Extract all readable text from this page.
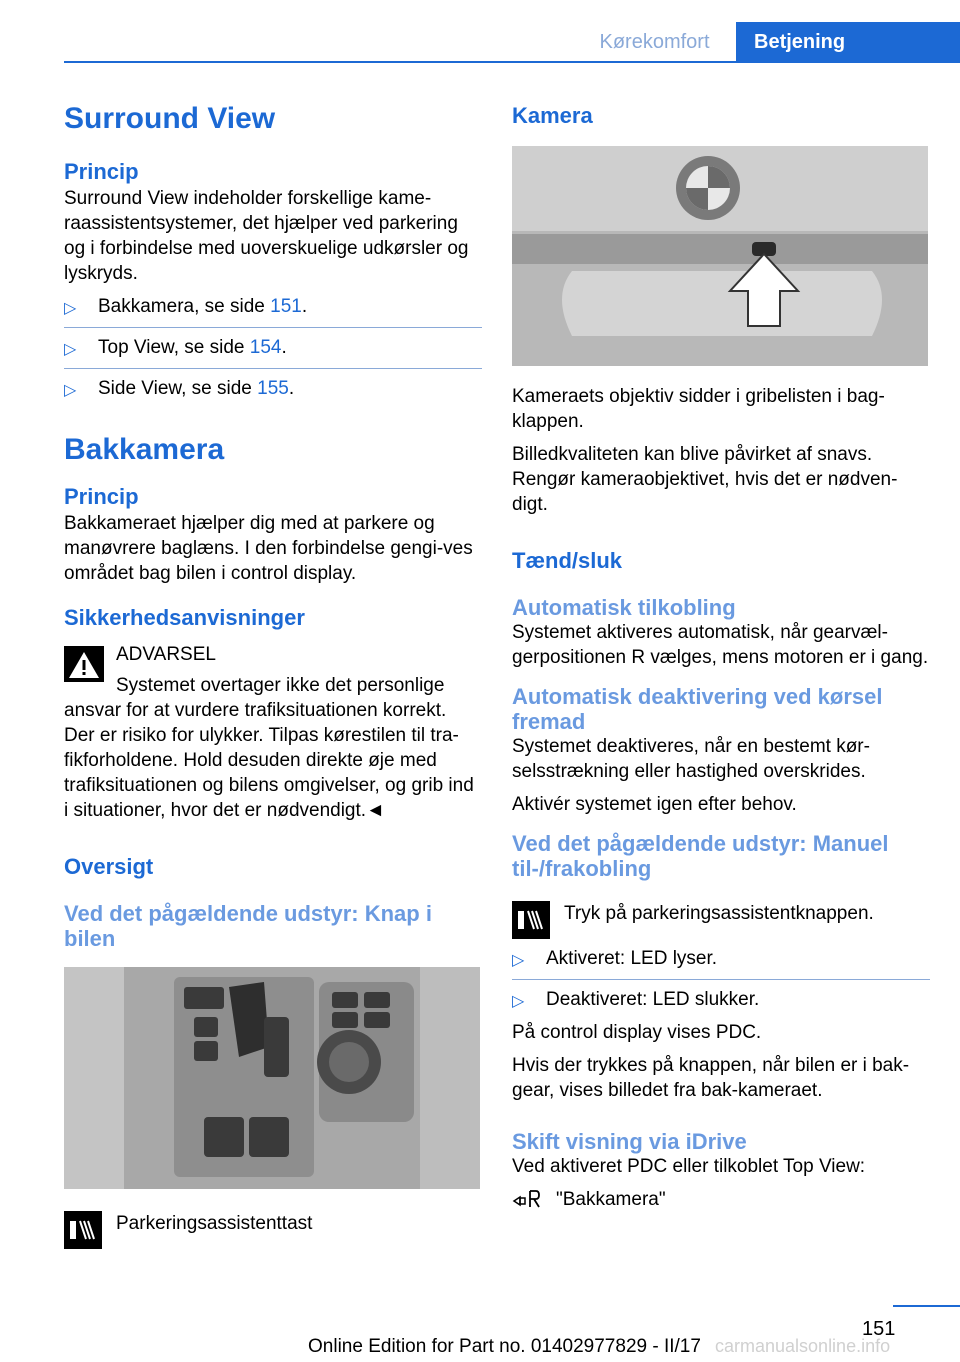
Kørekomfort	Betjening
Surround View
Princip
Surround View indeholder forskellige kame-raassistentsystemer, det hjælper ved parkering og i forbindelse med uoverskuelige udkørsler og lyskryds.
▷ Bakkamera, se side 151.
▷ Top View, se side 154.
▷ Side View, se side 155.
Bakkamera
Princip
Bakkameraet hjælper dig med at parkere og manøvrere baglæns. I den forbindelse gengi-ves området bag bilen i control display.
Sikkerhedsanvisninger
ADVARSEL
Systemet overtager ikke det personlige
ansvar for at vurdere trafiksituationen korrekt. Der er risiko for ulykker. Tilpas kørestilen til tra-fikforholdene. Hold desuden direkte øje med trafiksituationen og bilens omgivelser, og grib ind i situationer, hvor det er nødvendigt.◄
Oversigt
Ved det pågældende udstyr: Knap i bilen
Parkeringsassistenttast
Kamera
Kameraets objektiv sidder i gribelisten i bag-klappen.
Billedkvaliteten kan blive påvirket af snavs. Rengør kameraobjektivet, hvis det er nødven-digt.
Tænd/sluk
Automatisk tilkobling
Systemet aktiveres automatisk, når gearvæl-gerpositionen R vælges, mens motoren er i gang.
Automatisk deaktivering ved kørsel fremad
Systemet deaktiveres, når en bestemt kør-selsstrækning eller hastighed overskrides.
Aktivér systemet igen efter behov.
Ved det pågældende udstyr: Manuel til-/frakobling
Tryk på parkeringsassistentknappen.
▷ Aktiveret: LED lyser.
▷ Deaktiveret: LED slukker.
På control display vises PDC.
Hvis der trykkes på knappen, når bilen er i bak-gear, vises billedet fra bak-kameraet.
Skift visning via iDrive
Ved aktiveret PDC eller tilkoblet Top View:
"Bakkamera"
151
Online Edition for Part no. 01402977829 - II/17 carmanualsonline.info
